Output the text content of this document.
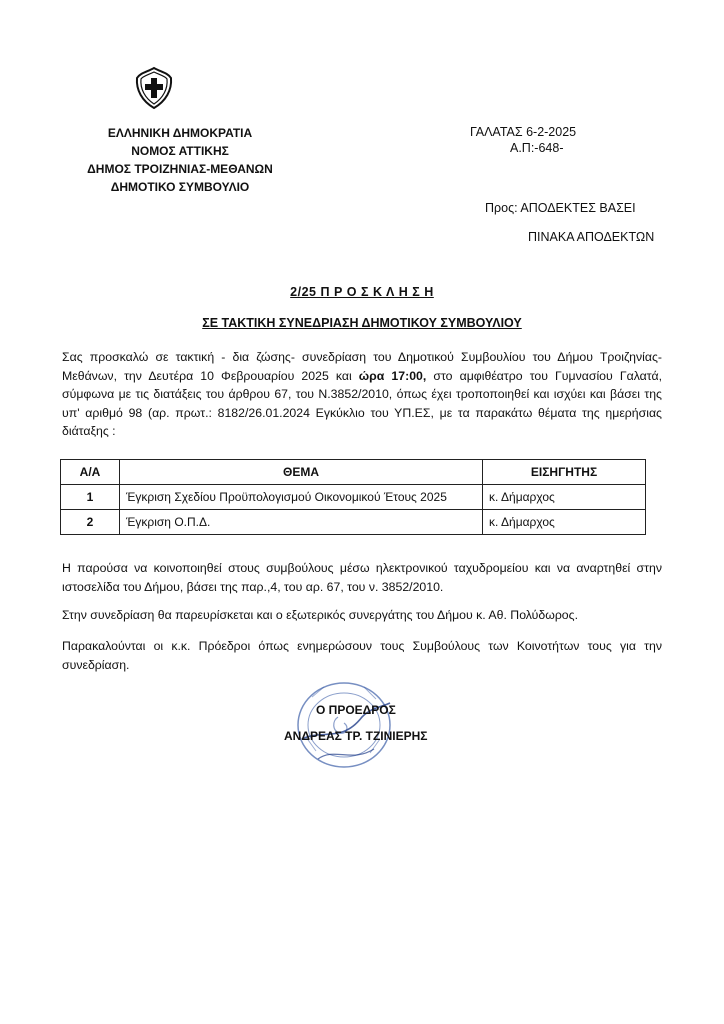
ΕΛΛΗΝΙΚΗ ΔΗΜΟΚΡΑΤΙΑ
ΝΟΜΟΣ ΑΤΤΙΚΗΣ
ΔΗΜΟΣ ΤΡΟΙΖΗΝΙΑΣ-ΜΕΘΑΝΩΝ
ΔΗΜΟΤΙΚΟ ΣΥΜΒΟΥΛΙΟ
ΓΑΛΑΤΑΣ 6-2-2025
Α.Π:-648-
Προς: ΑΠΟΔΕΚΤΕΣ ΒΑΣΕΙ
ΠΙΝΑΚΑ ΑΠΟΔΕΚΤΩΝ
2/25 Π Ρ Ο Σ Κ Λ Η Σ Η
ΣΕ ΤΑΚΤΙΚΗ ΣΥΝΕΔΡΙΑΣΗ ΔΗΜΟΤΙΚΟΥ ΣΥΜΒΟΥΛΙΟΥ
Σας προσκαλώ σε τακτική - δια ζώσης- συνεδρίαση του Δημοτικού Συμβουλίου του Δήμου Τροιζηνίας-Μεθάνων, την Δευτέρα 10 Φεβρουαρίου 2025 και ώρα 17:00, στο αμφιθέατρο του Γυμνασίου Γαλατά, σύμφωνα με τις διατάξεις του άρθρου 67, του Ν.3852/2010, όπως έχει τροποποιηθεί και ισχύει και βάσει της υπ' αριθμό 98 (αρ. πρωτ.: 8182/26.01.2024 Εγκύκλιο του ΥΠ.ΕΣ, με τα παρακάτω θέματα της ημερήσιας διάταξης :
Α/Α	ΘΕΜΑ	ΕΙΣΗΓΗΤΗΣ
1	Έγκριση Σχεδίου Προϋπολογισμού Οικονομικού Έτους 2025	κ. Δήμαρχος
2	Έγκριση Ο.Π.Δ.	κ. Δήμαρχος
Η παρούσα να κοινοποιηθεί στους συμβούλους μέσω ηλεκτρονικού ταχυδρομείου και να αναρτηθεί στην ιστοσελίδα του Δήμου, βάσει της παρ.,4, του αρ. 67, του ν. 3852/2010.
Στην συνεδρίαση θα παρευρίσκεται και ο εξωτερικός συνεργάτης του Δήμου κ. Αθ. Πολύδωρος.
Παρακαλούνται οι κ.κ. Πρόεδροι όπως ενημερώσουν τους Συμβούλους των Κοινοτήτων τους για την συνεδρίαση.
Ο ΠΡΟΕΔΡΟΣ
ΑΝΔΡΕΑΣ ΤΡ. ΤΖΙΝΙΕΡΗΣ
